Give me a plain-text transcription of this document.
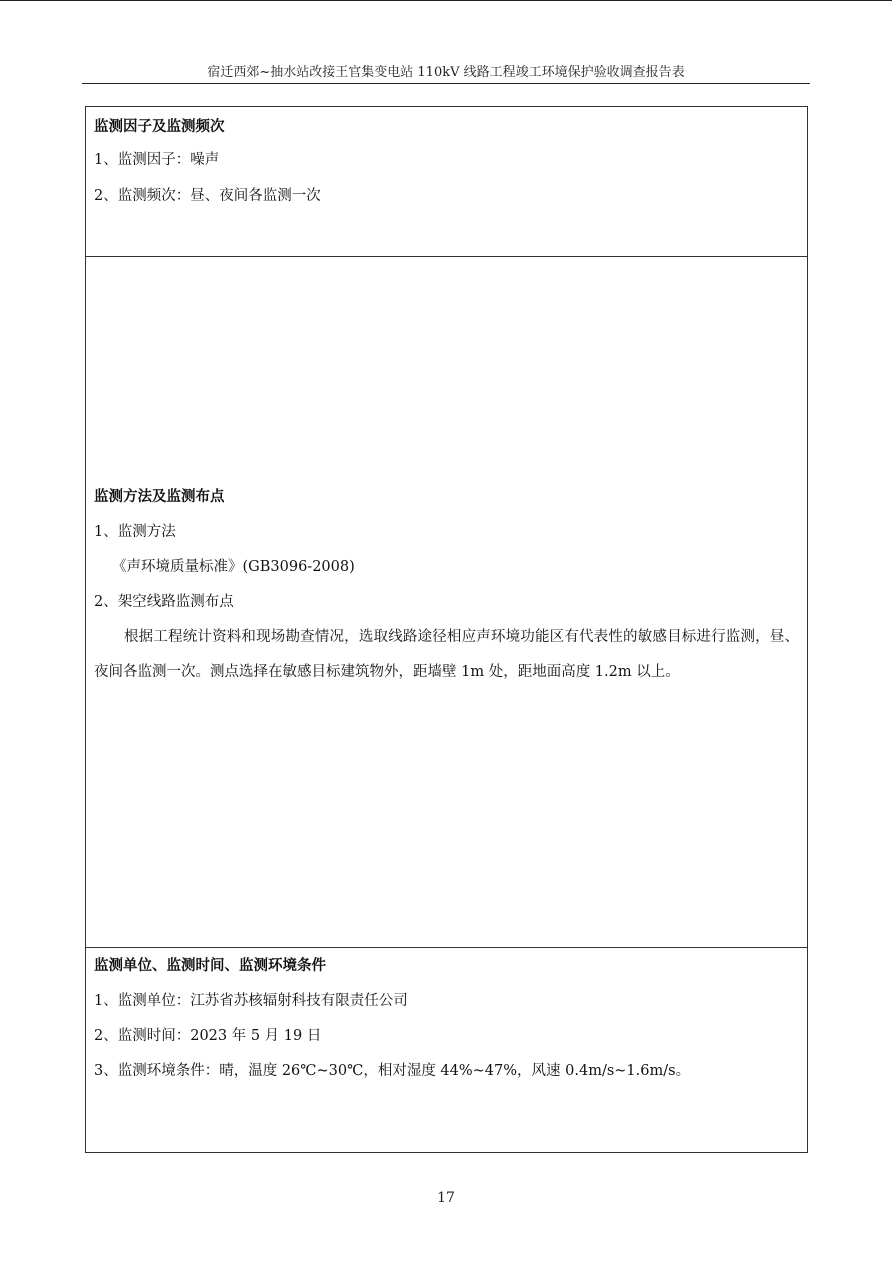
宿迁西郊~抽水站改接王官集变电站 110kV 线路工程竣工环境保护验收调查报告表
监测因子及监测频次
1、监测因子：噪声
2、监测频次：昼、夜间各监测一次
监测方法及监测布点
1、监测方法
《声环境质量标准》(GB3096-2008)
2、架空线路监测布点
根据工程统计资料和现场勘查情况，选取线路途径相应声环境功能区有代表性的敏感目标进行监测，昼、夜间各监测一次。测点选择在敏感目标建筑物外，距墙壁 1m 处，距地面高度 1.2m 以上。
监测单位、监测时间、监测环境条件
1、监测单位：江苏省苏核辐射科技有限责任公司
2、监测时间：2023 年 5 月 19 日
3、监测环境条件：晴，温度 26℃~30℃，相对湿度 44%~47%，风速 0.4m/s~1.6m/s。
17
